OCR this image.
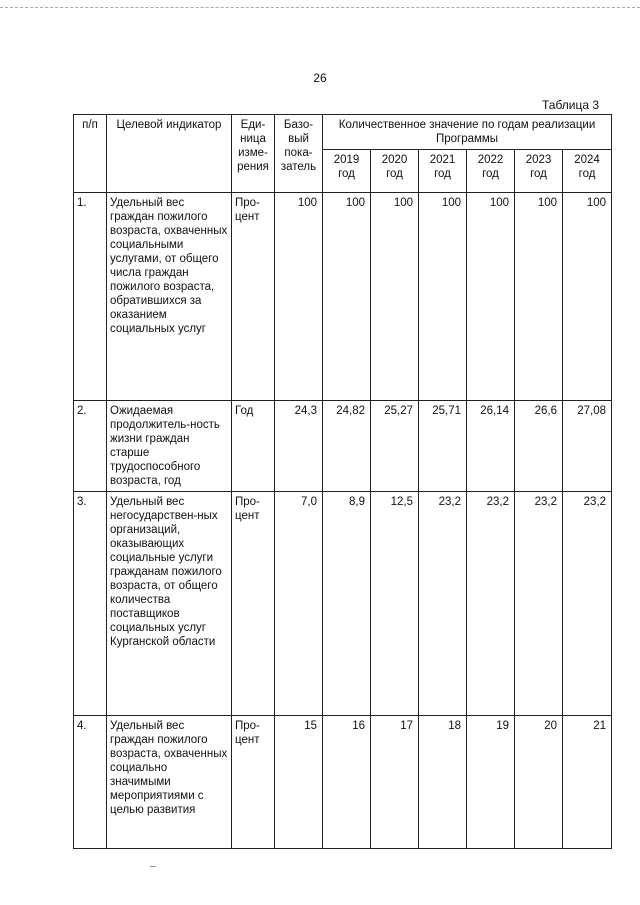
26
Таблица 3
п/п	Целевой индикатор	Еди-ница изме-рения	Базо-вый пока-затель	Количественное значение по годам реализации Программы					
				2019 год	2020 год	2021 год	2022 год	2023 год	2024 год
1.	Удельный вес граждан пожилого возраста, охваченных социальными услугами, от общего числа граждан пожилого возраста, обратившихся за оказанием социальных услуг	Про-цент	100	100	100	100	100	100	100
2.	Ожидаемая продолжитель-ность жизни граждан старше трудоспособного возраста, год	Год	24,3	24,82	25,27	25,71	26,14	26,6	27,08
3.	Удельный вес негосударствен-ных организаций, оказывающих социальные услуги гражданам пожилого возраста, от общего количества поставщиков социальных услуг Курганской области	Про-цент	7,0	8,9	12,5	23,2	23,2	23,2	23,2
4.	Удельный вес граждан пожилого возраста, охваченных социально значимыми мероприятиями с целью развития	Про-цент	15	16	17	18	19	20	21
